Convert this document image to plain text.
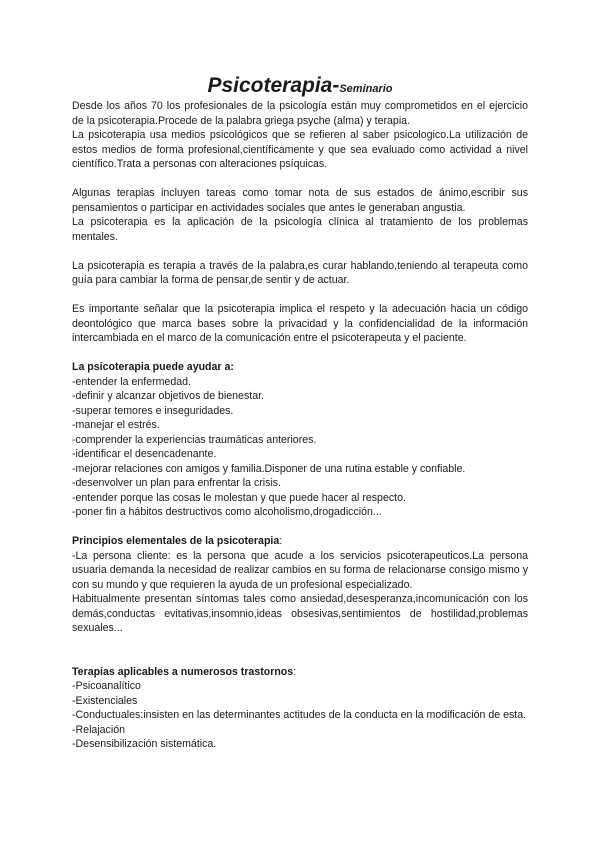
Psicoterapia-Seminario

Desde los años 70 los profesionales de la psicología están muy comprometidos en el ejercicio de la psicoterapia.Procede de la palabra griega psyche (alma) y terapia.

La psicoterapia usa medios psicológicos que se refieren al saber psicologico.La utilización de estos medios de forma profesional,científicamente y que sea evaluado como actividad a nivel científico.Trata a personas con alteraciones psíquicas.

Algunas terapias incluyen tareas como tomar nota de sus estados de ánimo,escribir sus pensamientos o participar en actividades sociales que antes le generaban angustia.

La psicoterapia es la aplicación de la psicología clínica al tratamiento de los problemas mentales.

La psicoterapia es terapia a través de la palabra,es curar hablando,teniendo al terapeuta como guía para cambiar la forma de pensar,de sentir y de actuar.

Es importante señalar que la psicoterapia implica el respeto y la adecuación hacia un código deontológico que marca bases sobre la privacidad y la confidencialidad de la información intercambiada en el marco de la comunicación entre el psicoterapeuta y el paciente.

La psicoterapia puede ayudar a:

-entender la enfermedad.

-definir y alcanzar objetivos de bienestar.

-superar temores e inseguridades.

-manejar el estrés.

-comprender la experiencias traumáticas anteriores.

-identificar el desencadenante.

-mejorar relaciones con amigos y familia.Disponer de una rutina estable y confiable.

-desenvolver un plan para enfrentar la crisis.

-entender porque las cosas le molestan y que puede hacer al respecto.

-poner fin a hábitos destructivos como alcoholismo,drogadicción...

Principios elementales de la psicoterapia:

-La persona cliente: es la persona que acude a los servicios psicoterapeuticos.La persona usuaria demanda la necesidad de realizar cambios en su forma de relacionarse consigo mismo y con su mundo y que requieren la ayuda de un profesional especializado.

Habitualmente presentan síntomas tales como ansiedad,desesperanza,incomunicación con los demás,conductas evitativas,insomnio,ideas obsesivas,sentimientos de hostilidad,problemas sexuales...

Terapias aplicables a numerosos trastornos:

-Psicoanalítico

-Existenciales

-Conductuales:insisten en las determinantes actitudes de la conducta en la modificación de esta.

-Relajación

-Desensibilización sistemática.
